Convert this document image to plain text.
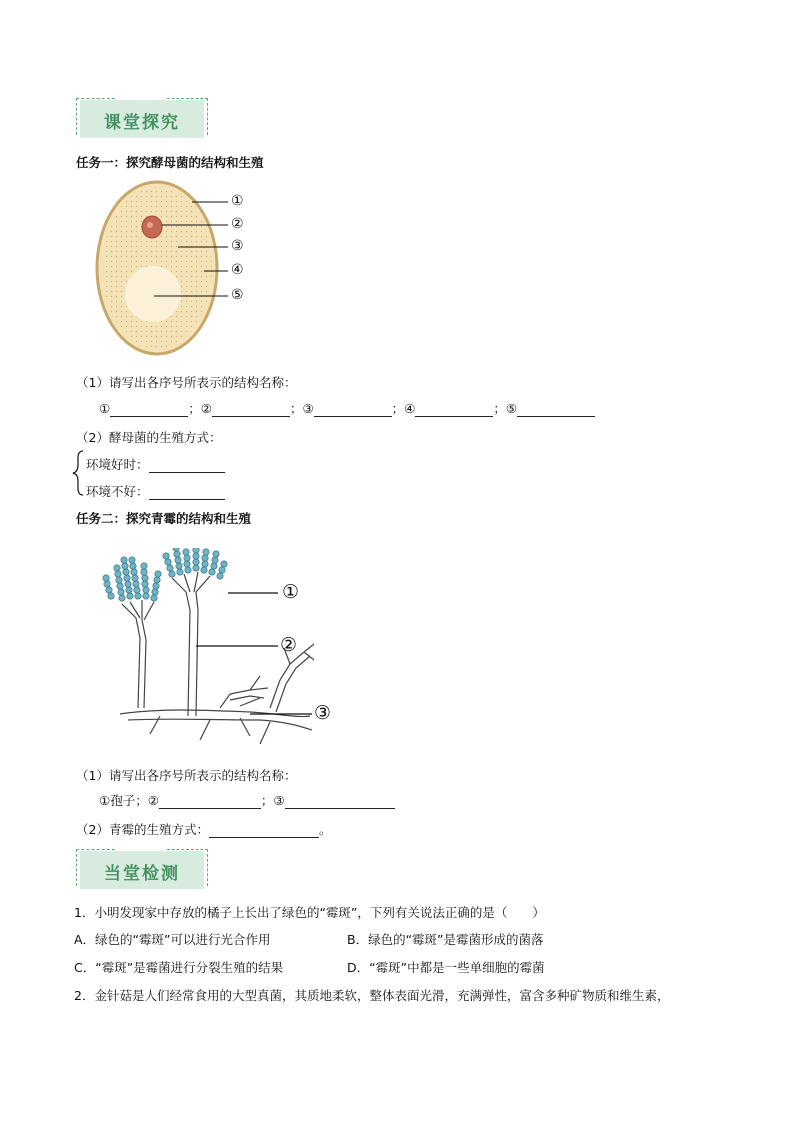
课堂探究
任务一：探究酵母菌的结构和生殖
①
②
③
④
⑤
（1）请写出各序号所表示的结构名称：
①	；②	；③	；④	；⑤
（2）酵母菌的生殖方式：
环境好时：
环境不好：
任务二：探究青霉的结构和生殖
①
②
③
（1）请写出各序号所表示的结构名称：
①孢子；②	；③
（2）青霉的生殖方式：	。
当堂检测
1．小明发现家中存放的橘子上长出了绿色的“霉斑”，下列有关说法正确的是（　　）
A．绿色的“霉斑”可以进行光合作用	B．绿色的“霉斑”是霉菌形成的菌落
C．“霉斑”是霉菌进行分裂生殖的结果	D．“霉斑”中都是一些单细胞的霉菌
2．金针菇是人们经常食用的大型真菌，其质地柔软，整体表面光滑，充满弹性，富含多种矿物质和维生素，
